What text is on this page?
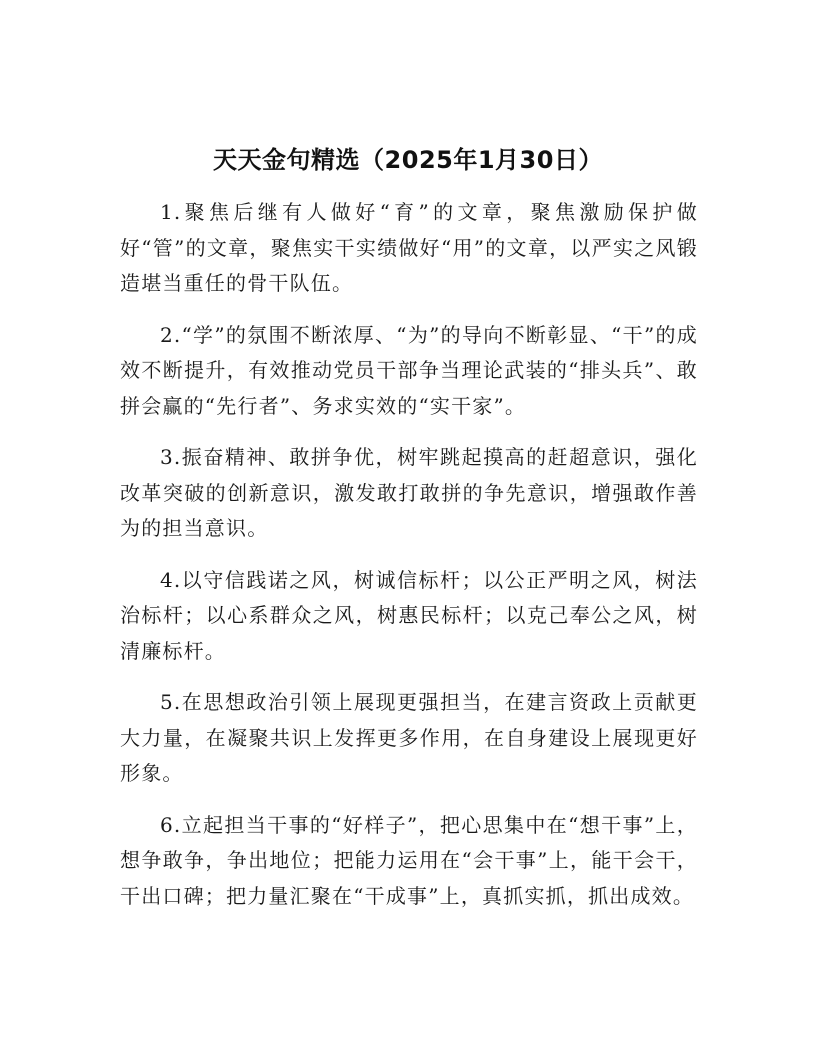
天天金句精选（2025年1月30日）

1.聚焦后继有人做好“育”的文章，聚焦激励保护做好“管”的文章，聚焦实干实绩做好“用”的文章，以严实之风锻造堪当重任的骨干队伍。

2.“学”的氛围不断浓厚、“为”的导向不断彰显、“干”的成效不断提升，有效推动党员干部争当理论武装的“排头兵”、敢拼会赢的“先行者”、务求实效的“实干家”。

3.振奋精神、敢拼争优，树牢跳起摸高的赶超意识，强化改革突破的创新意识，激发敢打敢拼的争先意识，增强敢作善为的担当意识。

4.以守信践诺之风，树诚信标杆；以公正严明之风，树法治标杆；以心系群众之风，树惠民标杆；以克己奉公之风，树清廉标杆。

5.在思想政治引领上展现更强担当，在建言资政上贡献更大力量，在凝聚共识上发挥更多作用，在自身建设上展现更好形象。

6.立起担当干事的“好样子”，把心思集中在“想干事”上，想争敢争，争出地位；把能力运用在“会干事”上，能干会干，干出口碑；把力量汇聚在“干成事”上，真抓实抓，抓出成效。
